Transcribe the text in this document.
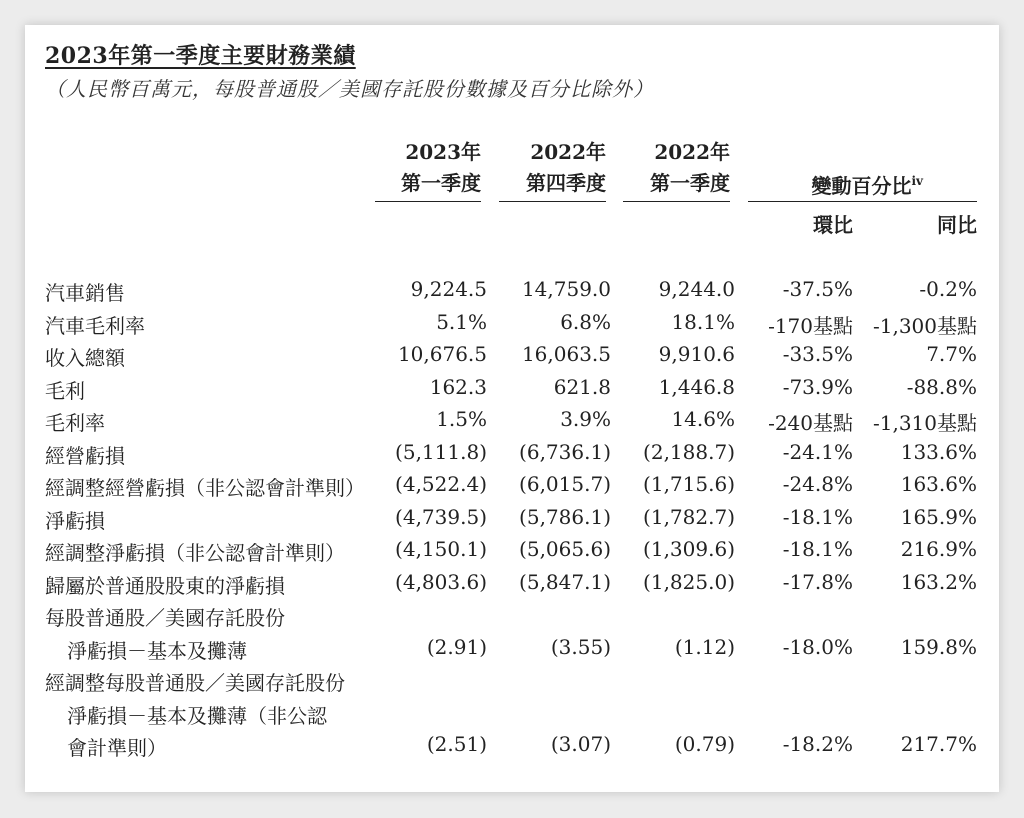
2023年第一季度主要財務業績
（人民幣百萬元，每股普通股／美國存託股份數據及百分比除外）
2023年
第一季度
2022年
第四季度
2022年
第一季度	變動百分比$^{iv}$
環比	同比
汽車銷售	9,224.5	14,759.0	9,244.0	-37.5%	-0.2%
汽車毛利率	5.1%	6.8%	18.1%	-170基點 -1,300基點
收入總額	10,676.5	16,063.5	9,910.6	-33.5%	7.7%
毛利	162.3	621.8	1,446.8	-73.9%	-88.8%
毛利率	1.5%	3.9%	14.6%	-240基點 -1,310基點
經營虧損	(5,111.8)	(6,736.1)	(2,188.7)	-24.1%	133.6%
經調整經營虧損（非公認會計準則）	(4,522.4)	(6,015.7)	(1,715.6)	-24.8%	163.6%
淨虧損	(4,739.5)	(5,786.1)	(1,782.7)	-18.1%	165.9%
經調整淨虧損（非公認會計準則）	(4,150.1)	(5,065.6)	(1,309.6)	-18.1%	216.9%
歸屬於普通股股東的淨虧損	(4,803.6)	(5,847.1)	(1,825.0)	-17.8%	163.2%
每股普通股／美國存託股份
淨虧損－基本及攤薄	(2.91)	(3.55)	(1.12)	-18.0%	159.8%
經調整每股普通股／美國存託股份
淨虧損－基本及攤薄（非公認
會計準則）	(2.51)	(3.07)	(0.79)	-18.2%	217.7%
